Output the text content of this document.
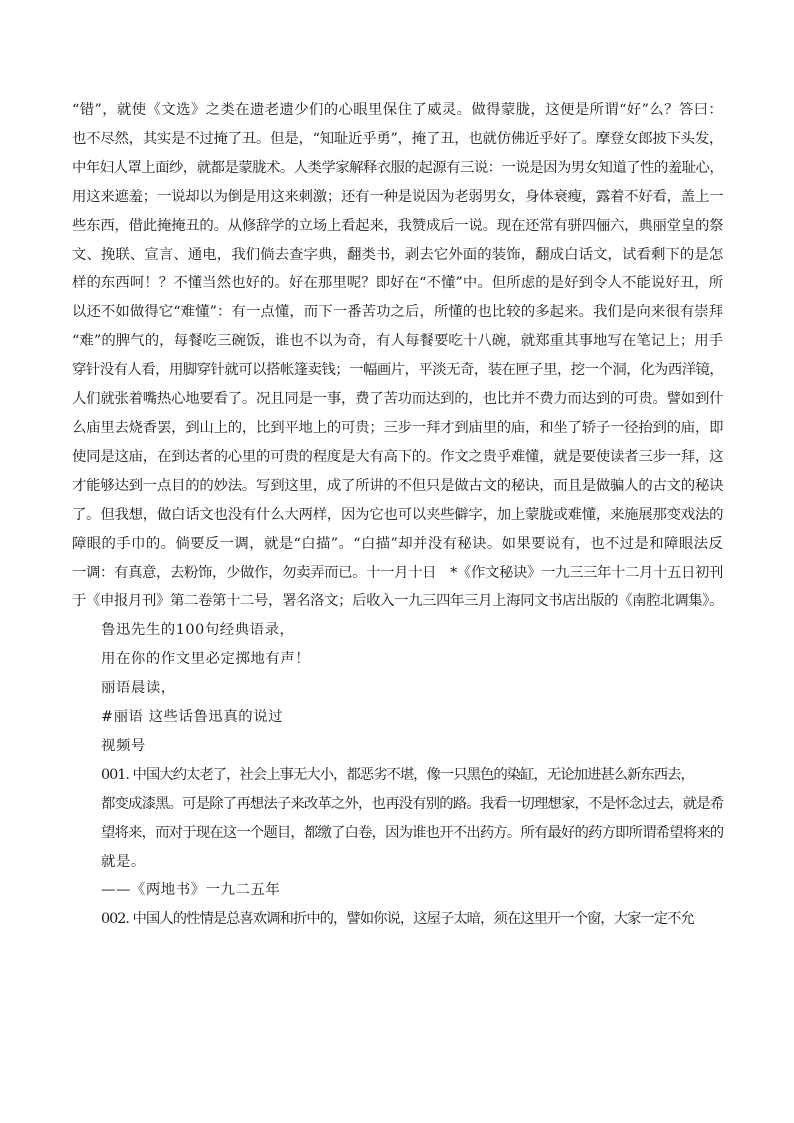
“错”，就使《文选》之类在遗老遗少们的心眼里保住了威灵。做得蒙胧，这便是所谓“好”么？答曰：
也不尽然，其实是不过掩了丑。但是，“知耻近乎勇”，掩了丑，也就仿佛近乎好了。摩登女郎披下头发，
中年妇人罩上面纱，就都是蒙胧术。人类学家解释衣服的起源有三说：一说是因为男女知道了性的羞耻心，
用这来遮羞；一说却以为倒是用这来刺激；还有一种是说因为老弱男女，身体衰瘦，露着不好看，盖上一
些东西，借此掩掩丑的。从修辞学的立场上看起来，我赞成后一说。现在还常有骈四俪六，典丽堂皇的祭
文、挽联、宣言、通电，我们倘去查字典，翻类书，剥去它外面的装饰，翻成白话文，试看剩下的是怎
样的东西呵！？不懂当然也好的。好在那里呢？即好在“不懂”中。但所虑的是好到令人不能说好丑，所
以还不如做得它“难懂”：有一点懂，而下一番苦功之后，所懂的也比较的多起来。我们是向来很有崇拜
“难”的脾气的，每餐吃三碗饭，谁也不以为奇，有人每餐要吃十八碗，就郑重其事地写在笔记上；用手
穿针没有人看，用脚穿针就可以搭帐篷卖钱；一幅画片，平淡无奇，装在匣子里，挖一个洞，化为西洋镜，
人们就张着嘴热心地要看了。况且同是一事，费了苦功而达到的，也比并不费力而达到的可贵。譬如到什
么庙里去烧香罢，到山上的，比到平地上的可贵；三步一拜才到庙里的庙，和坐了轿子一径抬到的庙，即
使同是这庙，在到达者的心里的可贵的程度是大有高下的。作文之贵乎难懂，就是要使读者三步一拜，这
才能够达到一点目的的妙法。写到这里，成了所讲的不但只是做古文的秘诀，而且是做骗人的古文的秘诀
了。但我想，做白话文也没有什么大两样，因为它也可以夹些僻字，加上蒙胧或难懂，来施展那变戏法的
障眼的手巾的。倘要反一调，就是“白描”。“白描”却并没有秘诀。如果要说有，也不过是和障眼法反
一调：有真意，去粉饰，少做作，勿卖弄而已。十一月十日　*《作文秘诀》一九三三年十二月十五日初刊
于《申报月刊》第二卷第十二号，署名洛文；后收入一九三四年三月上海同文书店出版的《南腔北调集》。

鲁迅先生的100句经典语录，

用在你的作文里必定掷地有声！

丽语晨读，

#丽语 这些话鲁迅真的说过

视频号

001. 中国大约太老了，社会上事无大小，都恶劣不堪，像一只黑色的染缸，无论加进甚么新东西去，
都变成漆黑。可是除了再想法子来改革之外，也再没有别的路。我看一切理想家，不是怀念过去，就是希
望将来，而对于现在这一个题目，都缴了白卷，因为谁也开不出药方。所有最好的药方即所谓希望将来的
就是。

——《两地书》一九二五年

002. 中国人的性情是总喜欢调和折中的，譬如你说，这屋子太暗，须在这里开一个窗，大家一定不允
